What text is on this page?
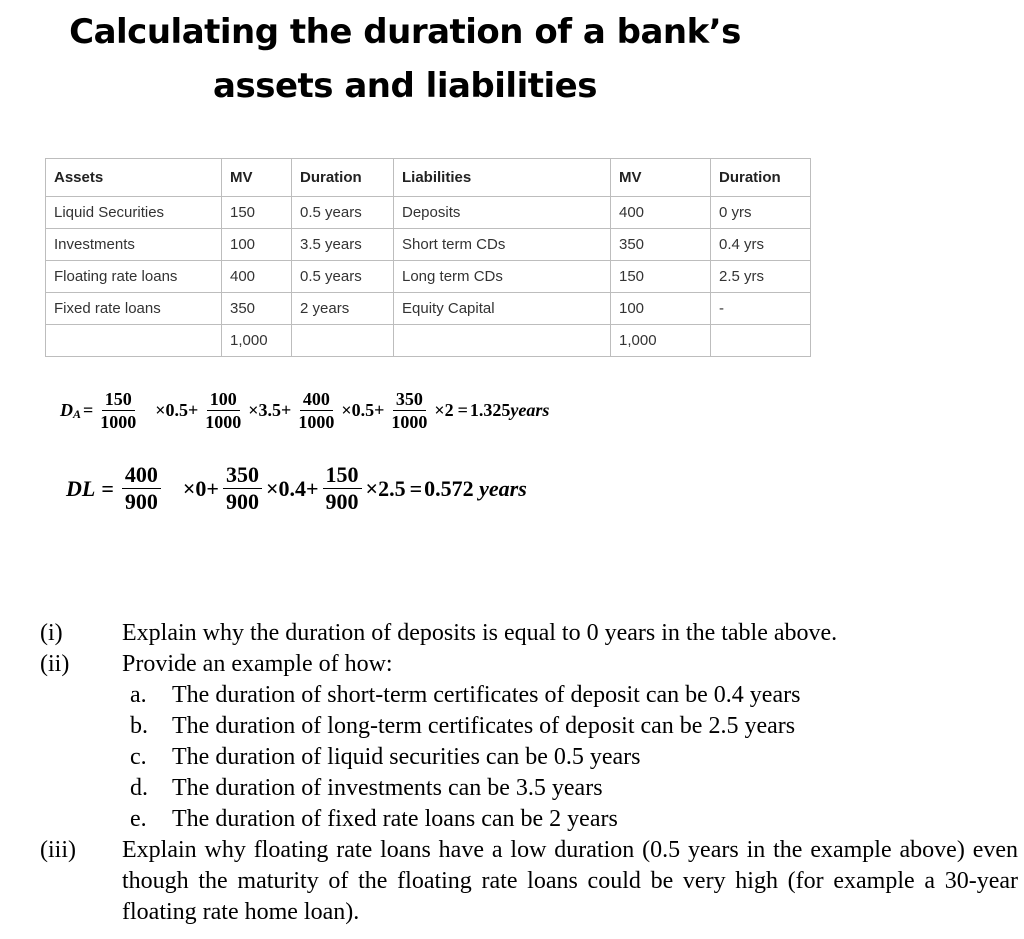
Calculating the duration of a bank’s
assets and liabilities
Assets	MV	Duration	Liabilities	MV	Duration
Liquid Securities	150	0.5 years	Deposits	400	0 yrs
Investments	100	3.5 years	Short term CDs	350	0.4 yrs
Floating rate loans	400	0.5 years	Long term CDs	150	2.5 yrs
Fixed rate loans	350	2 years	Equity Capital	100	-
	1,000			1,000	
D $A = \frac{150}{1000} \times 0.5+ \frac{100}{1000} \times 3.5+ \frac{400}{1000} \times 0.5+ \frac{350}{1000} \times 2 = 1.325$ years
DL = $\frac{400}{900} \times 0+ \frac{350}{900} \times 0.4+ \frac{150}{900} \times 2.5 = 0.572$
years
(i)	Explain why the duration of deposits is equal to 0 years in the table above.
(ii)	Provide an example of how:
a.	The duration of short-term certificates of deposit can be 0.4 years
b.	The duration of long-term certificates of deposit can be 2.5 years
c.	The duration of liquid securities can be 0.5 years
d.	The duration of investments can be 3.5 years
e.	The duration of fixed rate loans can be 2 years
(iii)	Explain why floating rate loans have a low duration (0.5 years in the example above) even though the maturity of the floating rate loans could be very high (for example a 30-year floating rate home loan).
